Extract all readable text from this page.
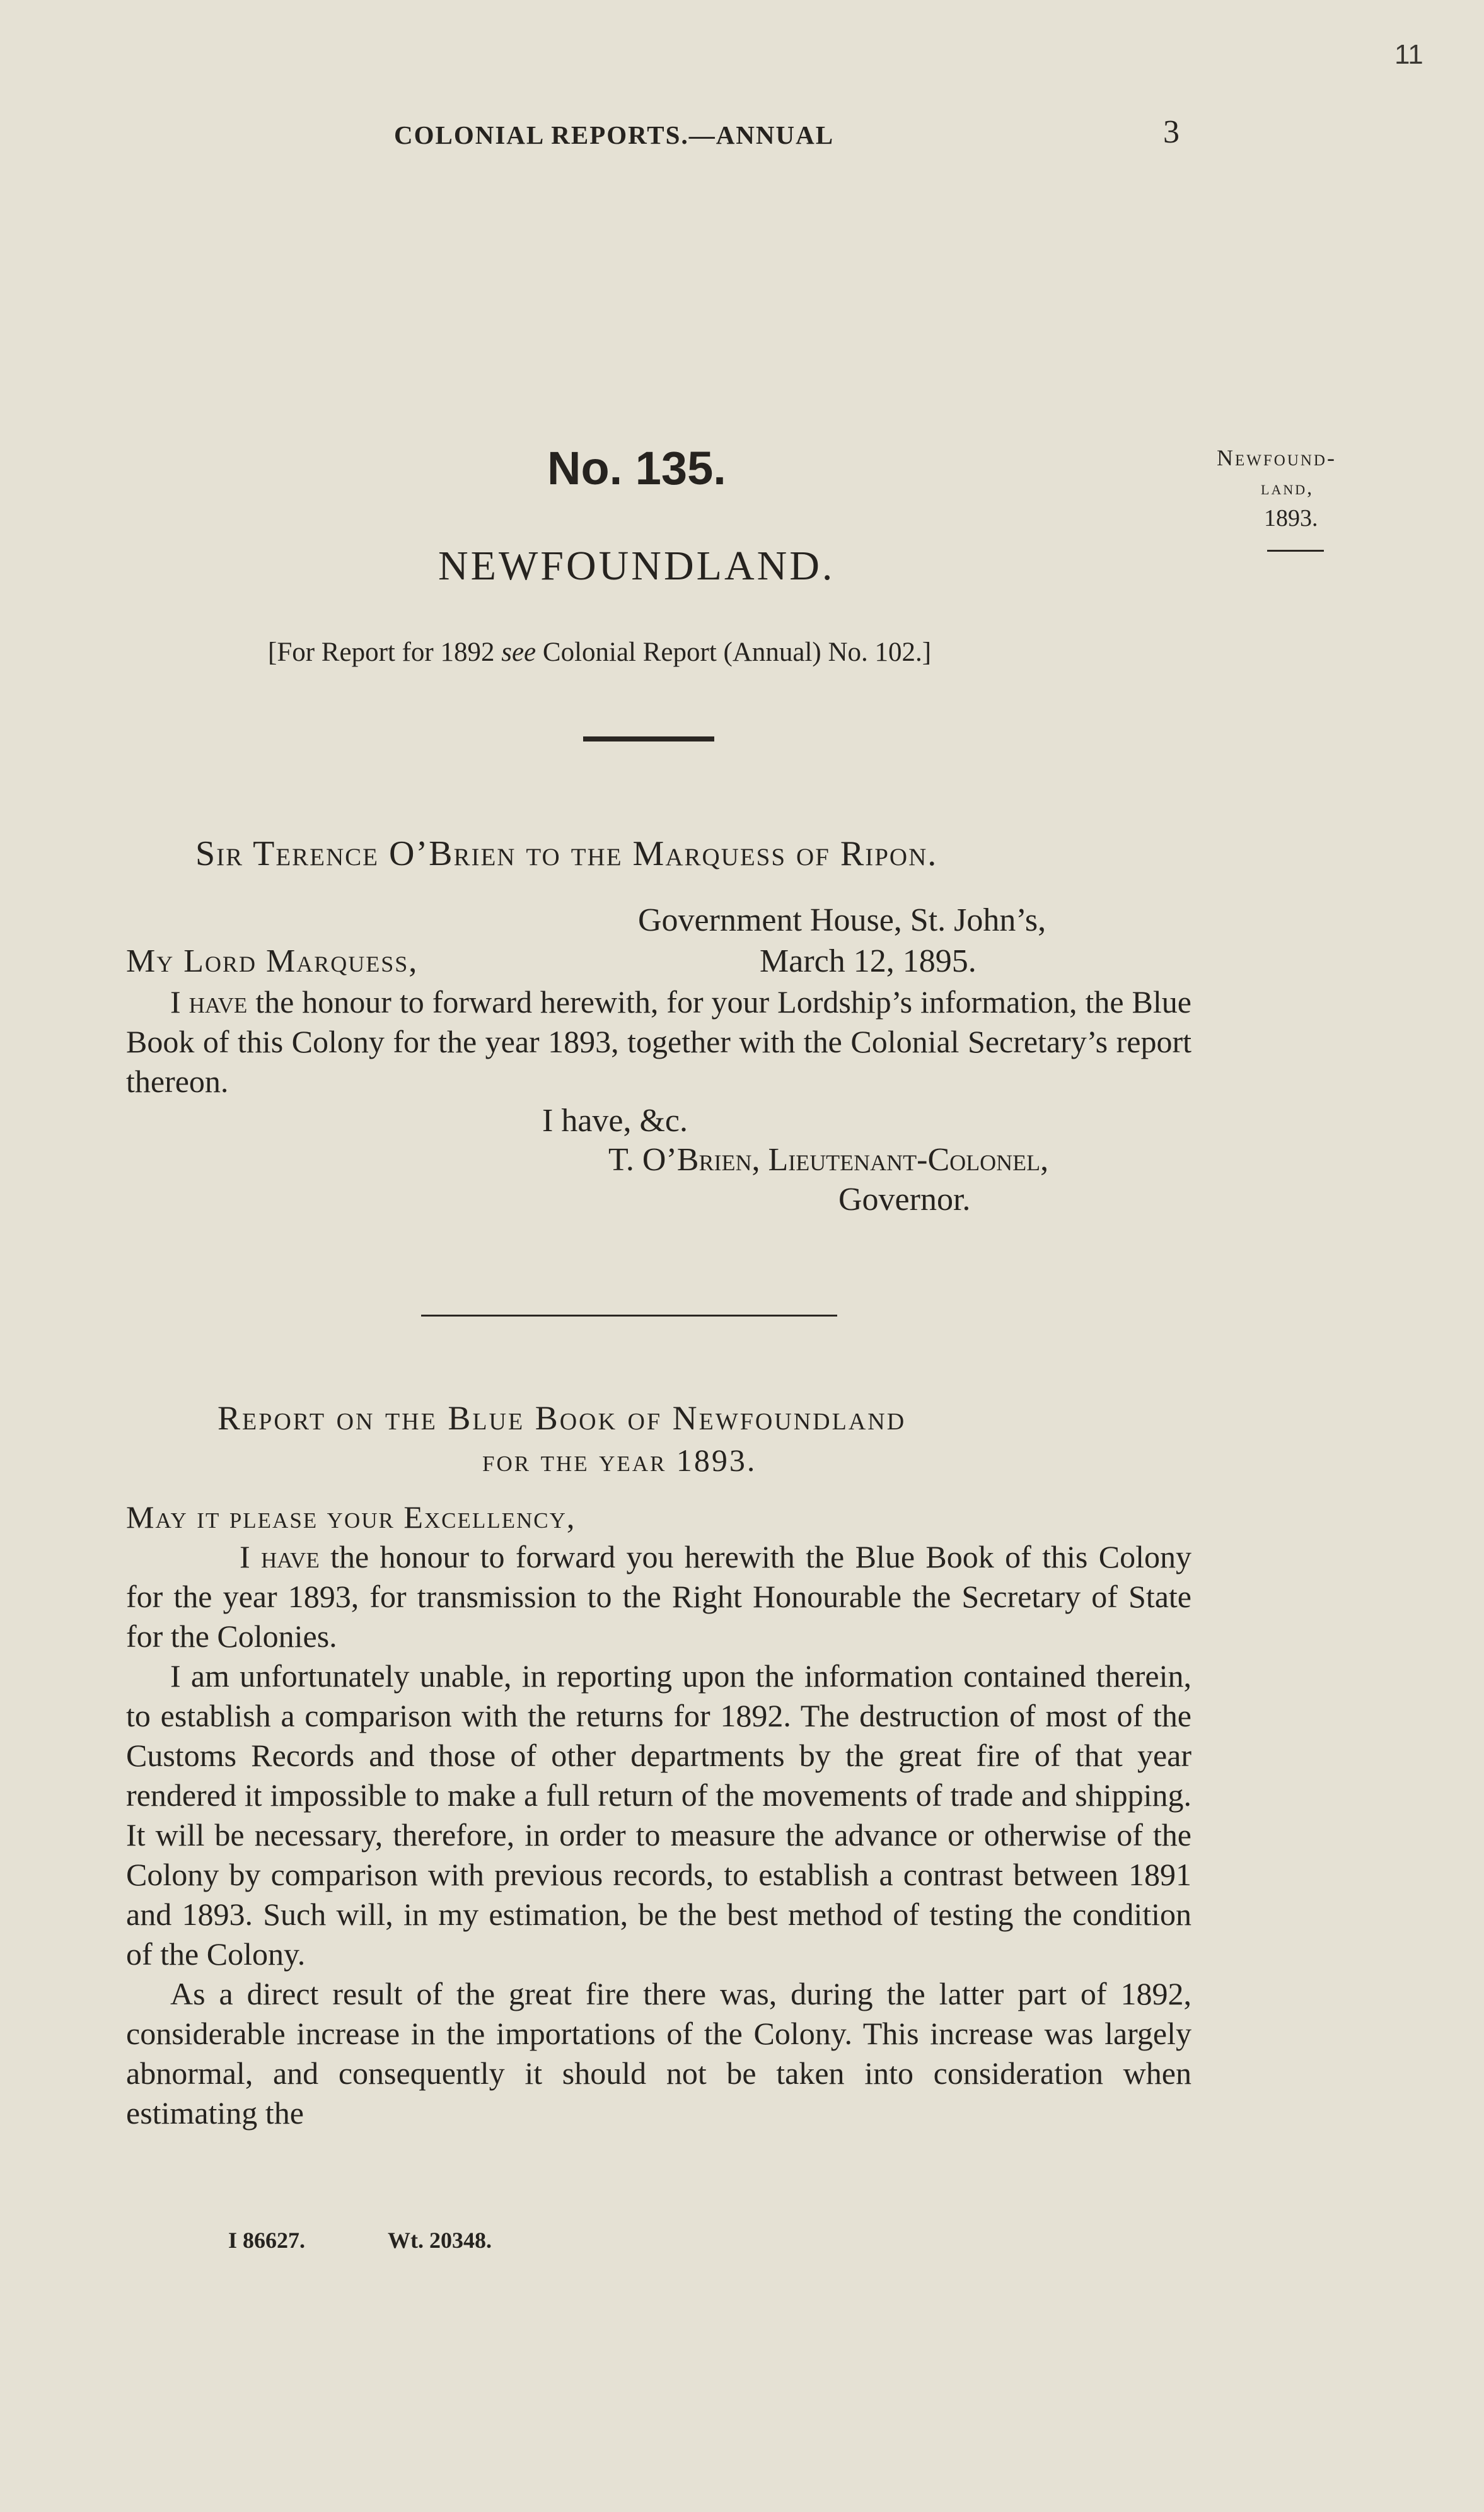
11
COLONIAL REPORTS.—ANNUAL	3
No. 135.
NEWFOUNDLAND.
Newfound-
land,
1893.
[For Report for 1892 see Colonial Report (Annual) No. 102.]
Sir Terence O’Brien to the Marquess of Ripon.
Government House, St. John’s,
My Lord Marquess,	March 12, 1895.

I have the honour to forward herewith, for your Lordship’s information, the Blue Book of this Colony for the year 1893, together with the Colonial Secretary’s report thereon.

I have, &c.
T. O’Brien, Lieutenant-Colonel,
Governor.
Report on the Blue Book of Newfoundland
for the year 1893.

May it please your Excellency,

I have the honour to forward you herewith the Blue Book of this Colony for the year 1893, for transmission to the Right Honourable the Secretary of State for the Colonies.

I am unfortunately unable, in reporting upon the information contained therein, to establish a comparison with the returns for 1892. The destruction of most of the Customs Records and those of other departments by the great fire of that year rendered it impossible to make a full return of the movements of trade and shipping. It will be necessary, therefore, in order to measure the advance or otherwise of the Colony by comparison with previous records, to establish a contrast between 1891 and 1893. Such will, in my estimation, be the best method of testing the condition of the Colony.

As a direct result of the great fire there was, during the latter part of 1892, considerable increase in the importations of the Colony. This increase was largely abnormal, and consequently it should not be taken into consideration when estimating the

I 86627.	Wt. 20348.
